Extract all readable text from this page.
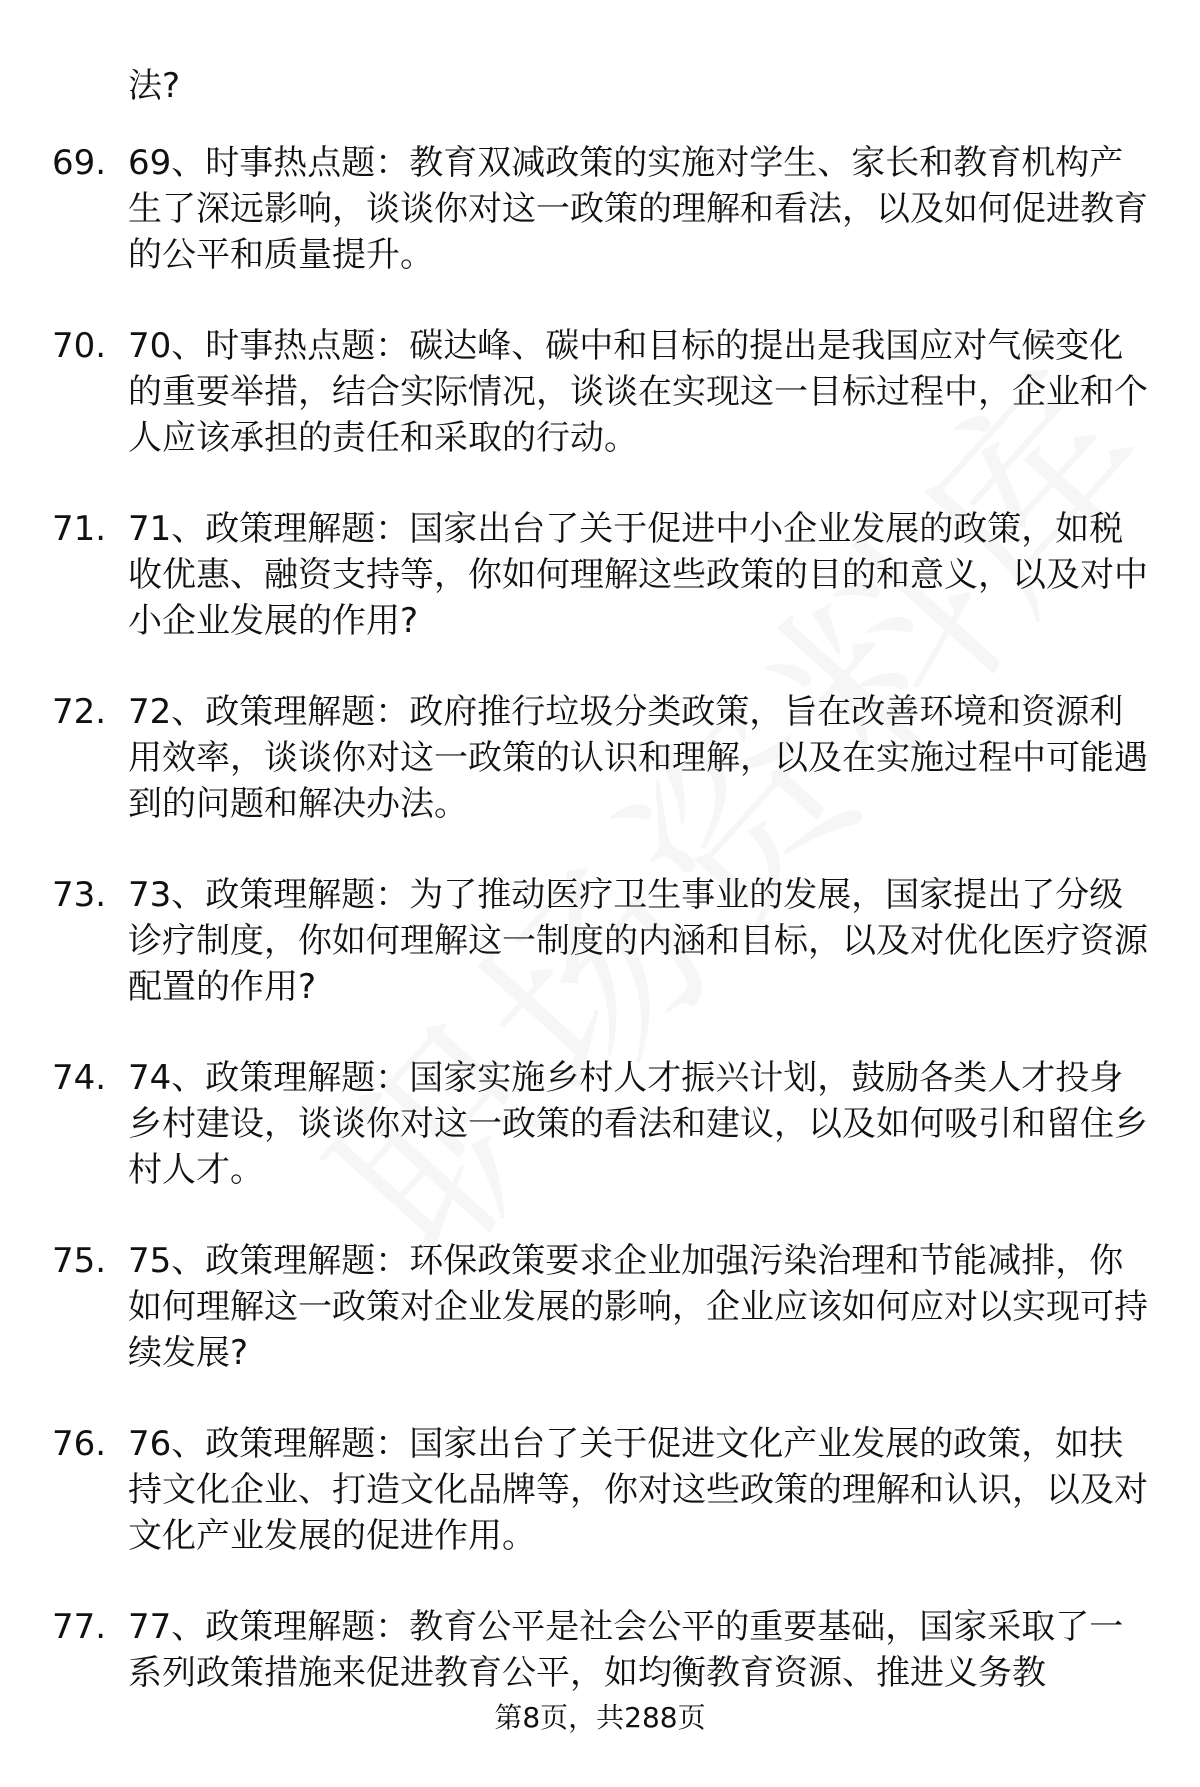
法?
69. 69、时事热点题：教育双减政策的实施对学生、家长和教育机构产生了深远影响，谈谈你对这一政策的理解和看法，以及如何促进教育的公平和质量提升。
70. 70、时事热点题：碳达峰、碳中和目标的提出是我国应对气候变化的重要举措，结合实际情况，谈谈在实现这一目标过程中，企业和个人应该承担的责任和采取的行动。
71. 71、政策理解题：国家出台了关于促进中小企业发展的政策，如税收优惠、融资支持等，你如何理解这些政策的目的和意义，以及对中小企业发展的作用?
72. 72、政策理解题：政府推行垃圾分类政策，旨在改善环境和资源利用效率，谈谈你对这一政策的认识和理解，以及在实施过程中可能遇到的问题和解决办法。
73. 73、政策理解题：为了推动医疗卫生事业的发展，国家提出了分级诊疗制度，你如何理解这一制度的内涵和目标，以及对优化医疗资源配置的作用?
74. 74、政策理解题：国家实施乡村人才振兴计划，鼓励各类人才投身乡村建设，谈谈你对这一政策的看法和建议，以及如何吸引和留住乡村人才。
75. 75、政策理解题：环保政策要求企业加强污染治理和节能减排，你如何理解这一政策对企业发展的影响，企业应该如何应对以实现可持续发展?
76. 76、政策理解题：国家出台了关于促进文化产业发展的政策，如扶持文化企业、打造文化品牌等，你对这些政策的理解和认识，以及对文化产业发展的促进作用。
77. 77、政策理解题：教育公平是社会公平的重要基础，国家采取了一系列政策措施来促进教育公平，如均衡教育资源、推进义务教
第8页，共288页
